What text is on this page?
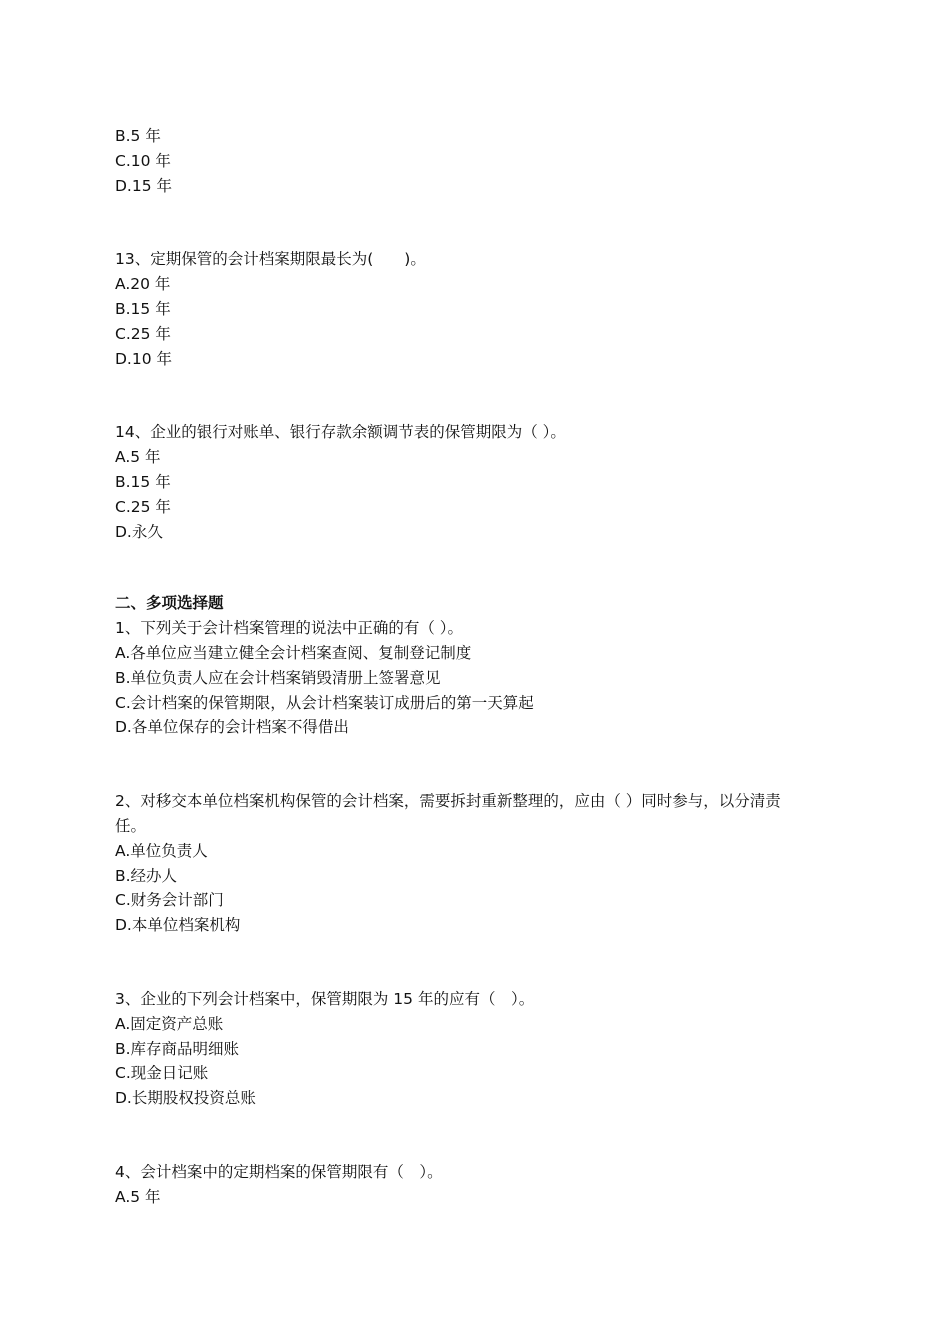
B.5 年
C.10 年
D.15 年
13、定期保管的会计档案期限最长为(　　)。
A.20 年
B.15 年
C.25 年
D.10 年
14、企业的银行对账单、银行存款余额调节表的保管期限为（ ）。
A.5 年
B.15 年
C.25 年
D.永久
二、多项选择题
1、下列关于会计档案管理的说法中正确的有（ ）。
A.各单位应当建立健全会计档案查阅、复制登记制度
B.单位负责人应在会计档案销毁清册上签署意见
C.会计档案的保管期限，从会计档案装订成册后的第一天算起
D.各单位保存的会计档案不得借出
2、对移交本单位档案机构保管的会计档案，需要拆封重新整理的，应由（ ）同时参与，以分清责
任。
A.单位负责人
B.经办人
C.财务会计部门
D.本单位档案机构
3、企业的下列会计档案中，保管期限为 15 年的应有（　）。
A.固定资产总账
B.库存商品明细账
C.现金日记账
D.长期股权投资总账
4、会计档案中的定期档案的保管期限有（　）。
A.5 年
